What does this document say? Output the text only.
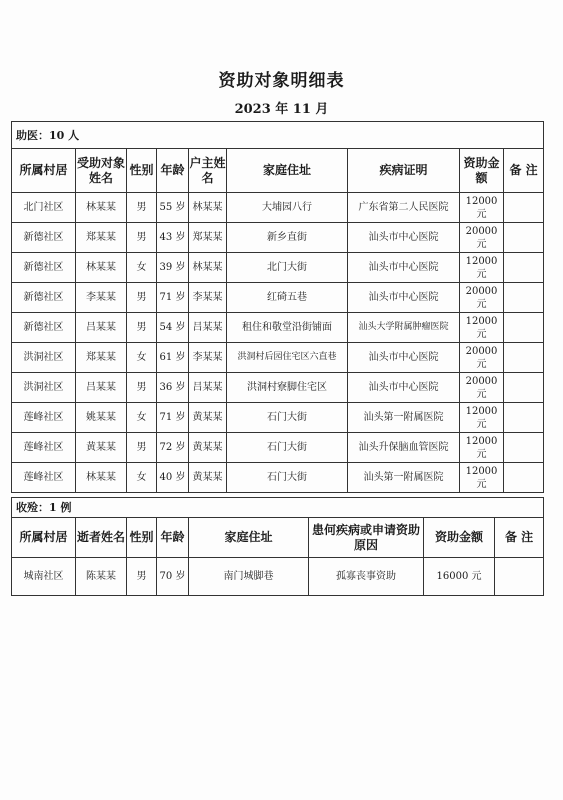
资助对象明细表
2023 年 11 月
助医：10 人								
所属村居	受助对象姓名	性别	年龄	户主姓名	家庭住址	疾病证明	资助金额	备 注
北门社区	林某某	男	55 岁	林某某	大埔园八行	广东省第二人民医院	12000 元	
新德社区	郑某某	男	43 岁	郑某某	新乡直街	汕头市中心医院	20000 元	
新德社区	林某某	女	39 岁	林某某	北门大街	汕头市中心医院	12000 元	
新德社区	李某某	男	71 岁	李某某	红碕五巷	汕头市中心医院	20000 元	
新德社区	吕某某	男	54 岁	吕某某	租住和敬堂沿街铺面	汕头大学附属肿瘤医院	12000 元	
洪洞社区	郑某某	女	61 岁	李某某	洪洞村后园住宅区六直巷	汕头市中心医院	20000 元	
洪洞社区	吕某某	男	36 岁	吕某某	洪洞村寮脚住宅区	汕头市中心医院	20000 元	
莲峰社区	姚某某	女	71 岁	黄某某	石门大街	汕头第一附属医院	12000 元	
莲峰社区	黄某某	男	72 岁	黄某某	石门大街	汕头升保脑血管医院	12000 元	
莲峰社区	林某某	女	40 岁	黄某某	石门大街	汕头第一附属医院	12000 元	
收殓：1 例							
所属村居	逝者姓名	性别	年龄	家庭住址	患何疾病或申请资助原因	资助金额	备 注
城南社区	陈某某	男	70 岁	南门城脚巷	孤寡丧事资助	16000 元	
